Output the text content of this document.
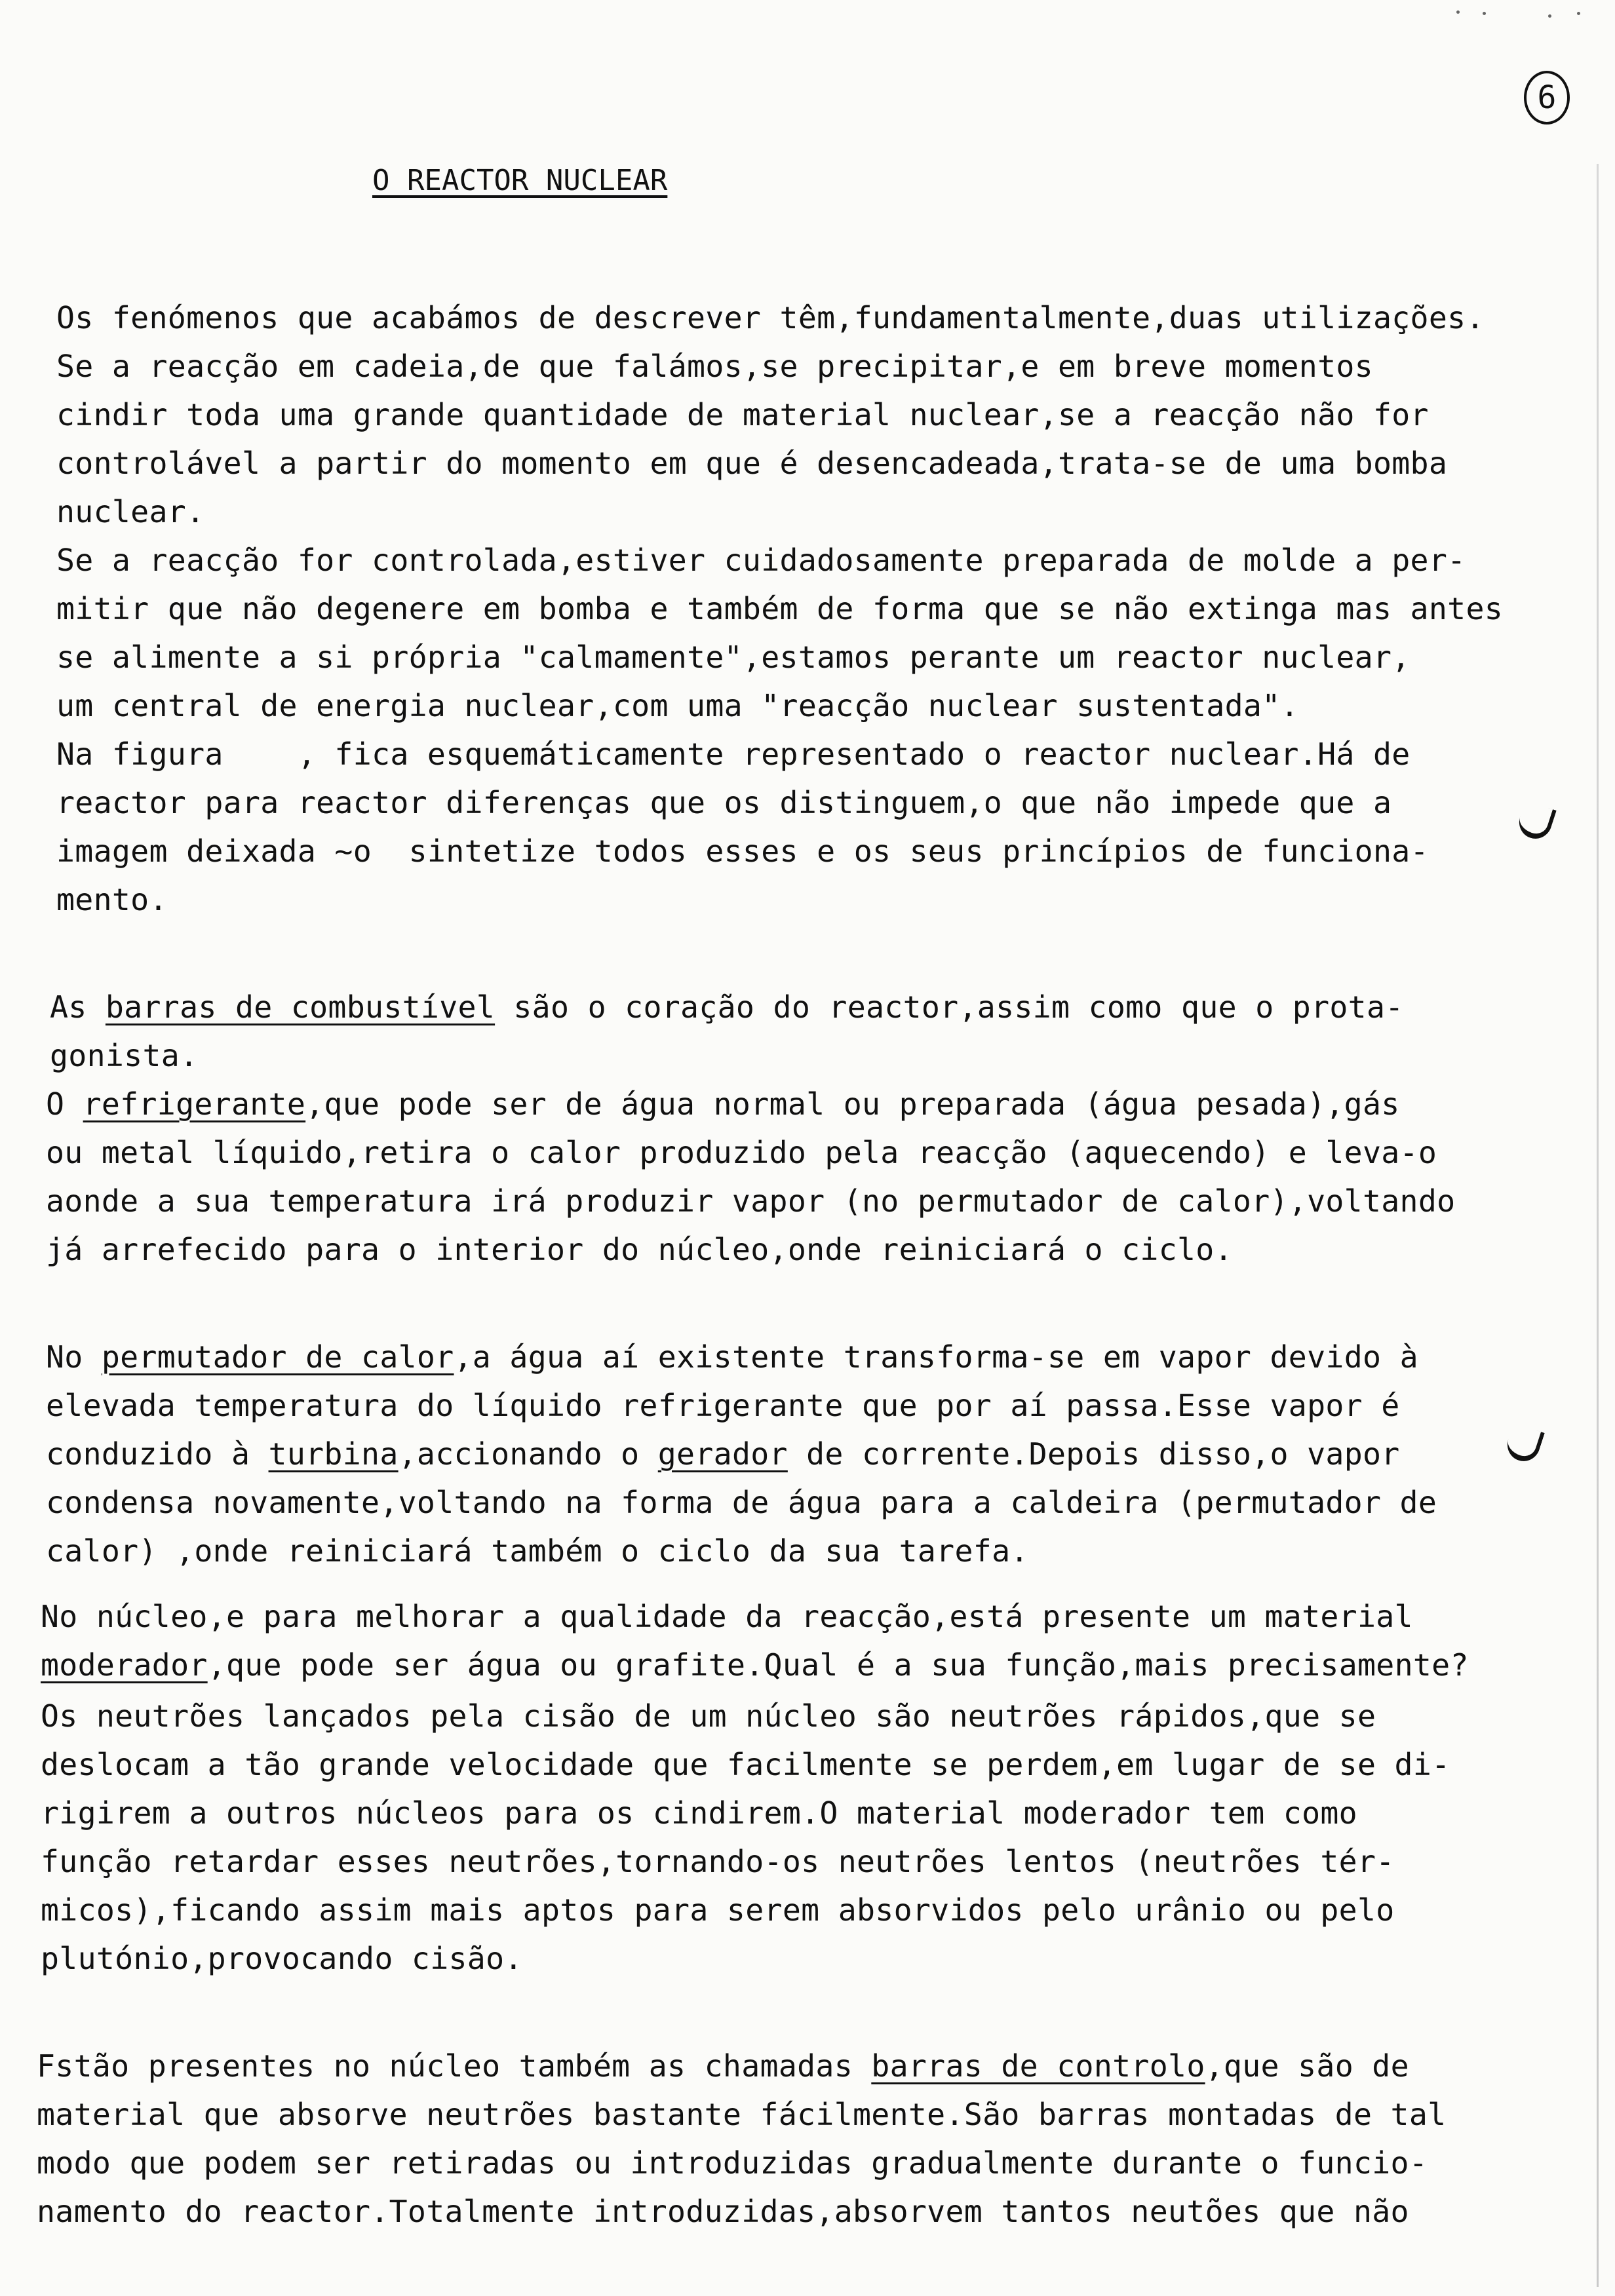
6
O REACTOR NUCLEAR
Os fenómenos que acabámos de descrever têm,fundamentalmente,duas utilizações.
Se a reacção em cadeia,de que falámos,se precipitar,e em breve momentos
cindir toda uma grande quantidade de material nuclear,se a reacção não for
controlável a partir do momento em que é desencadeada,trata-se de uma bomba
nuclear.
Se a reacção for controlada,estiver cuidadosamente preparada de molde a per-
mitir que não degenere em bomba e também de forma que se não extinga mas antes
se alimente a si própria "calmamente",estamos perante um reactor nuclear,
um central de energia nuclear,com uma "reacção nuclear sustentada".
Na figura    , fica esquemáticamente representado o reactor nuclear.Há de
reactor para reactor diferenças que os distinguem,o que não impede que a
imagem deixada ~o  sintetize todos esses e os seus princípios de funciona-
mento.
As barras de combustível são o coração do reactor,assim como que o prota-
gonista.
O refrigerante,que pode ser de água normal ou preparada (água pesada),gás
ou metal líquido,retira o calor produzido pela reacção (aquecendo) e leva-o
aonde a sua temperatura irá produzir vapor (no permutador de calor),voltando
já arrefecido para o interior do núcleo,onde reiniciará o ciclo.
No permutador de calor,a água aí existente transforma-se em vapor devido à
elevada temperatura do líquido refrigerante que por aí passa.Esse vapor é
conduzido à turbina,accionando o gerador de corrente.Depois disso,o vapor
condensa novamente,voltando na forma de água para a caldeira (permutador de
calor) ,onde reiniciará também o ciclo da sua tarefa.
No núcleo,e para melhorar a qualidade da reacção,está presente um material
moderador,que pode ser água ou grafite.Qual é a sua função,mais precisamente?
Os neutrões lançados pela cisão de um núcleo são neutrões rápidos,que se
deslocam a tão grande velocidade que facilmente se perdem,em lugar de se di-
rigirem a outros núcleos para os cindirem.O material moderador tem como
função retardar esses neutrões,tornando-os neutrões lentos (neutrões tér-
micos),ficando assim mais aptos para serem absorvidos pelo urânio ou pelo
plutónio,provocando cisão.
Fstão presentes no núcleo também as chamadas barras de controlo,que são de
material que absorve neutrões bastante fácilmente.São barras montadas de tal
modo que podem ser retiradas ou introduzidas gradualmente durante o funcio-
namento do reactor.Totalmente introduzidas,absorvem tantos neutões que não
